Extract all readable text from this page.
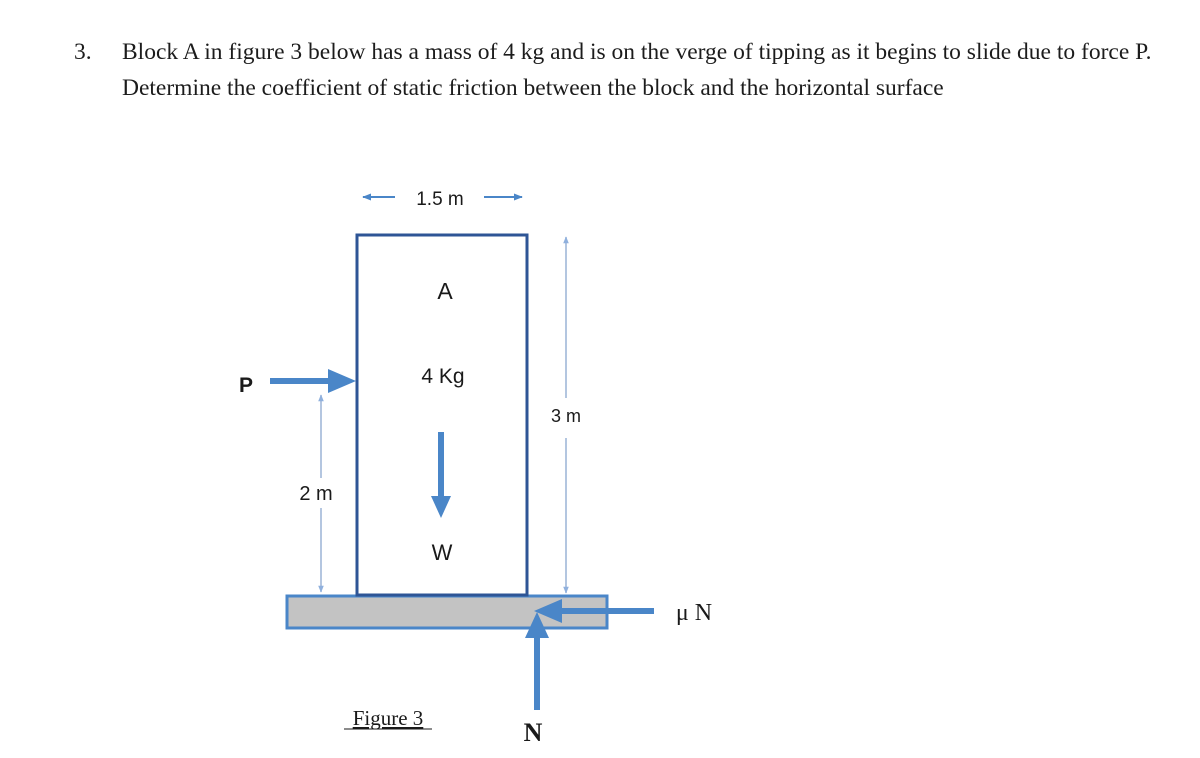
3. Block A in figure 3 below has a mass of 4 kg and is on the verge of tipping as it begins to slide due to force P. Determine the coefficient of static friction between the block and the horizontal surface
1.5 m
A
4 Kg
W
P
2 m
3 m
μ N
N
Figure 3
